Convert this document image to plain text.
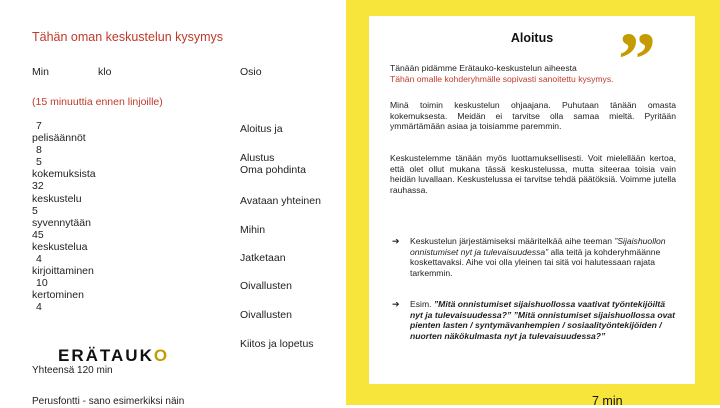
Tähän oman keskustelun kysymys
Min	klo	Osio
(15 minuuttia ennen linjoille)
7
pelisäännöt
8
5
kokemuksista
32
keskustelu
5
syvennytään
45
keskustelua
4
kirjoittaminen
10
kertominen
4
Aloitus ja
Alustus
Oma pohdinta
Avataan yhteinen
Mihin
Jatketaan
Oivallusten
Oivallusten
Kiitos ja lopetus
ERÄTAUKO
Yhteensä 120 min
Perusfontti - sano esimerkiksi näin
Aloitus ”
Tänään pidämme Erätauko-keskustelun aiheesta
Tähän omalle kohderyhmälle sopivasti sanoitettu kysymys.
Minä toimin keskustelun ohjaajana. Puhutaan tänään omasta kokemuksesta. Meidän ei tarvitse olla samaa mieltä. Pyritään ymmärtämään asiaa ja toisiamme paremmin.
Keskustelemme tänään myös luottamuksellisesti. Voit mielellään kertoa, että olet ollut mukana tässä keskustelussa, mutta siteeraa toisia vain heidän luvallaan. Keskustelussa ei tarvitse tehdä päätöksiä. Voimme jutella rauhassa.
➔ Keskustelun järjestämiseksi määritelkää aihe teeman ”Sijaishuollon onnistumiset nyt ja tulevaisuudessa” alla teitä ja kohderyhmäänne koskettavaksi. Aihe voi olla yleinen tai sitä voi halutessaan rajata tarkemmin.
➔ Esim. ”Mitä onnistumiset sijaishuollossa vaativat työntekijöiltä nyt ja tulevaisuudessa?” ”Mitä onnistumiset sijaishuollossa ovat pienten lasten / syntymävanhempien / sosiaalityöntekijöiden / nuorten näkökulmasta nyt ja tulevaisuudessa?”
7 min
